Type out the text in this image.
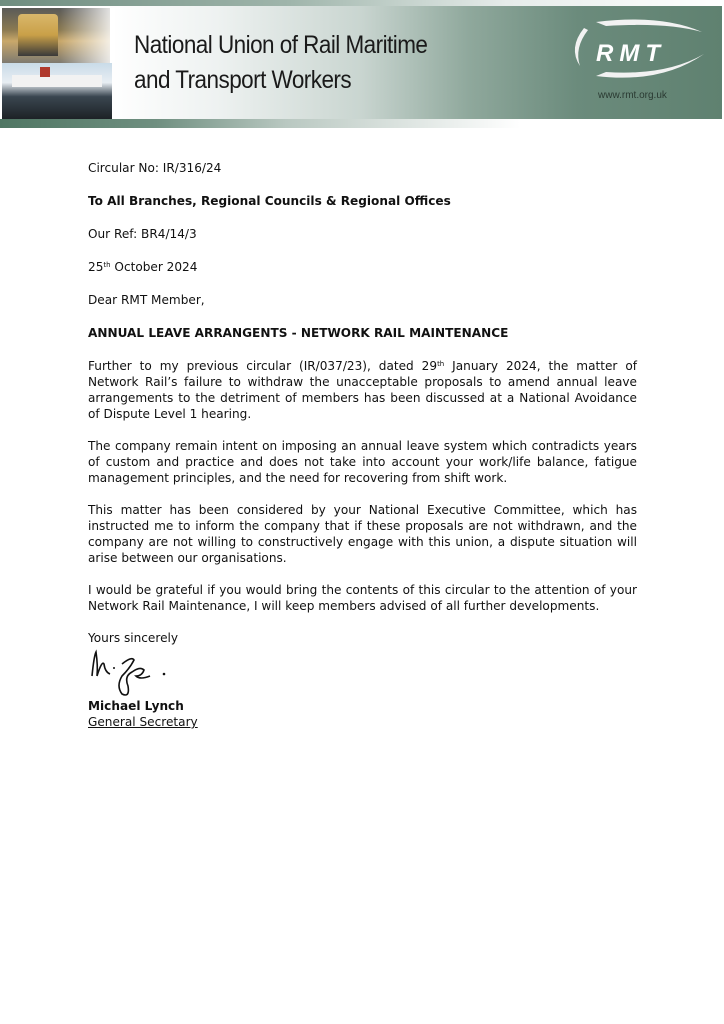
National Union of Rail Maritime
and Transport Workers
RMT
www.rmt.org.uk

Circular No: IR/316/24

To All Branches, Regional Councils & Regional Offices

Our Ref: BR4/14/3

25th October 2024

Dear RMT Member,

ANNUAL LEAVE ARRANGENTS - NETWORK RAIL MAINTENANCE

Further to my previous circular (IR/037/23), dated 29th January 2024, the matter of Network Rail’s failure to withdraw the unacceptable proposals to amend annual leave arrangements to the detriment of members has been discussed at a National Avoidance of Dispute Level 1 hearing.

The company remain intent on imposing an annual leave system which contradicts years of custom and practice and does not take into account your work/life balance, fatigue management principles, and the need for recovering from shift work.

This matter has been considered by your National Executive Committee, which has instructed me to inform the company that if these proposals are not withdrawn, and the company are not willing to constructively engage with this union, a dispute situation will arise between our organisations.

I would be grateful if you would bring the contents of this circular to the attention of your Network Rail Maintenance, I will keep members advised of all further developments.

Yours sincerely

Michael Lynch
General Secretary
